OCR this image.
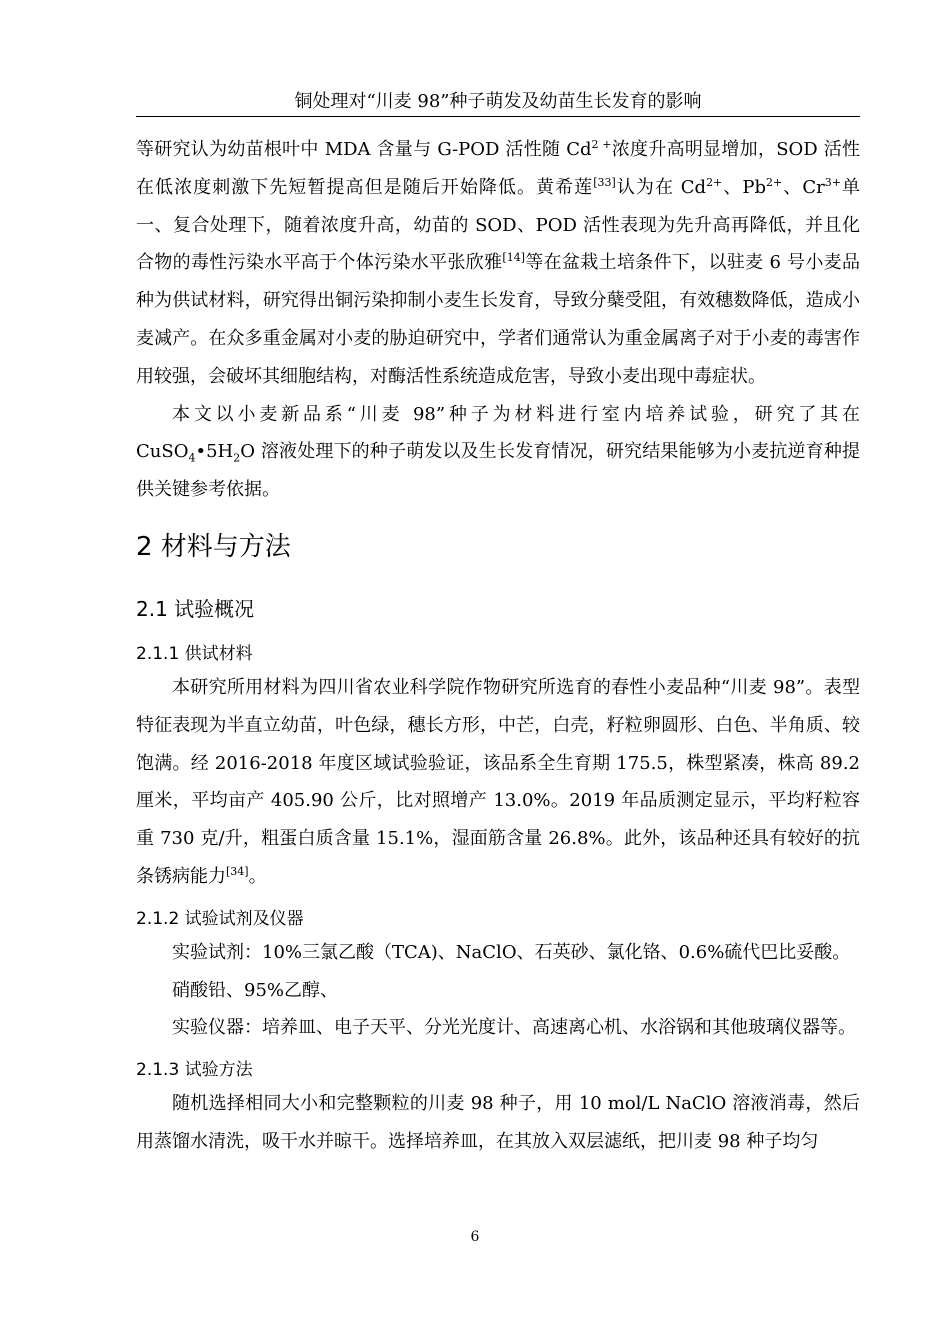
铜处理对“川麦 98”种子萌发及幼苗生长发育的影响

等研究认为幼苗根叶中 MDA 含量与 G-POD 活性随 $Cd^{2 +}$浓度升高明显增加，SOD 活性在低浓度刺激下先短暂提高但是随后开始降低。黄希莲[33]认为在 $Cd^{2+}$、$Pb^{2+}$、$Cr^{3+}$单一、复合处理下，随着浓度升高，幼苗的 SOD、POD 活性表现为先升高再降低，并且化合物的毒性污染水平高于个体污染水平张欣雅[14]等在盆栽土培条件下，以驻麦 6 号小麦品种为供试材料，研究得出铜污染抑制小麦生长发育，导致分蘖受阻，有效穗数降低，造成小麦减产。在众多重金属对小麦的胁迫研究中，学者们通常认为重金属离子对于小麦的毒害作用较强，会破坏其细胞结构，对酶活性系统造成危害，导致小麦出现中毒症状。

本文以小麦新品系“川麦 98”种子为材料进行室内培养试验，研究了其在 $CuSO_4•5H_2O$ 溶液处理下的种子萌发以及生长发育情况，研究结果能够为小麦抗逆育种提供关键参考依据。

2 材料与方法
2.1 试验概况
2.1.1 供试材料

本研究所用材料为四川省农业科学院作物研究所选育的春性小麦品种“川麦 98”。表型特征表现为半直立幼苗，叶色绿，穗长方形，中芒，白壳，籽粒卵圆形、白色、半角质、较饱满。经 2016-2018 年度区域试验验证，该品系全生育期 175.5，株型紧凑，株高 89.2 厘米，平均亩产 405.90 公斤，比对照增产 13.0%。2019 年品质测定显示，平均籽粒容重 730 克/升，粗蛋白质含量 15.1%，湿面筋含量 26.8%。此外，该品种还具有较好的抗条锈病能力[34]。

2.1.2 试验试剂及仪器

实验试剂：10%三氯乙酸（TCA)、NaClO、石英砂、氯化铬、0.6%硫代巴比妥酸。

硝酸铅、95%乙醇、

实验仪器：培养皿、电子天平、分光光度计、高速离心机、水浴锅和其他玻璃仪器等。

2.1.3 试验方法

随机选择相同大小和完整颗粒的川麦 98 种子，用 10 mol/L NaClO 溶液消毒，然后用蒸馏水清洗，吸干水并晾干。选择培养皿，在其放入双层滤纸，把川麦 98 种子均匀

6
